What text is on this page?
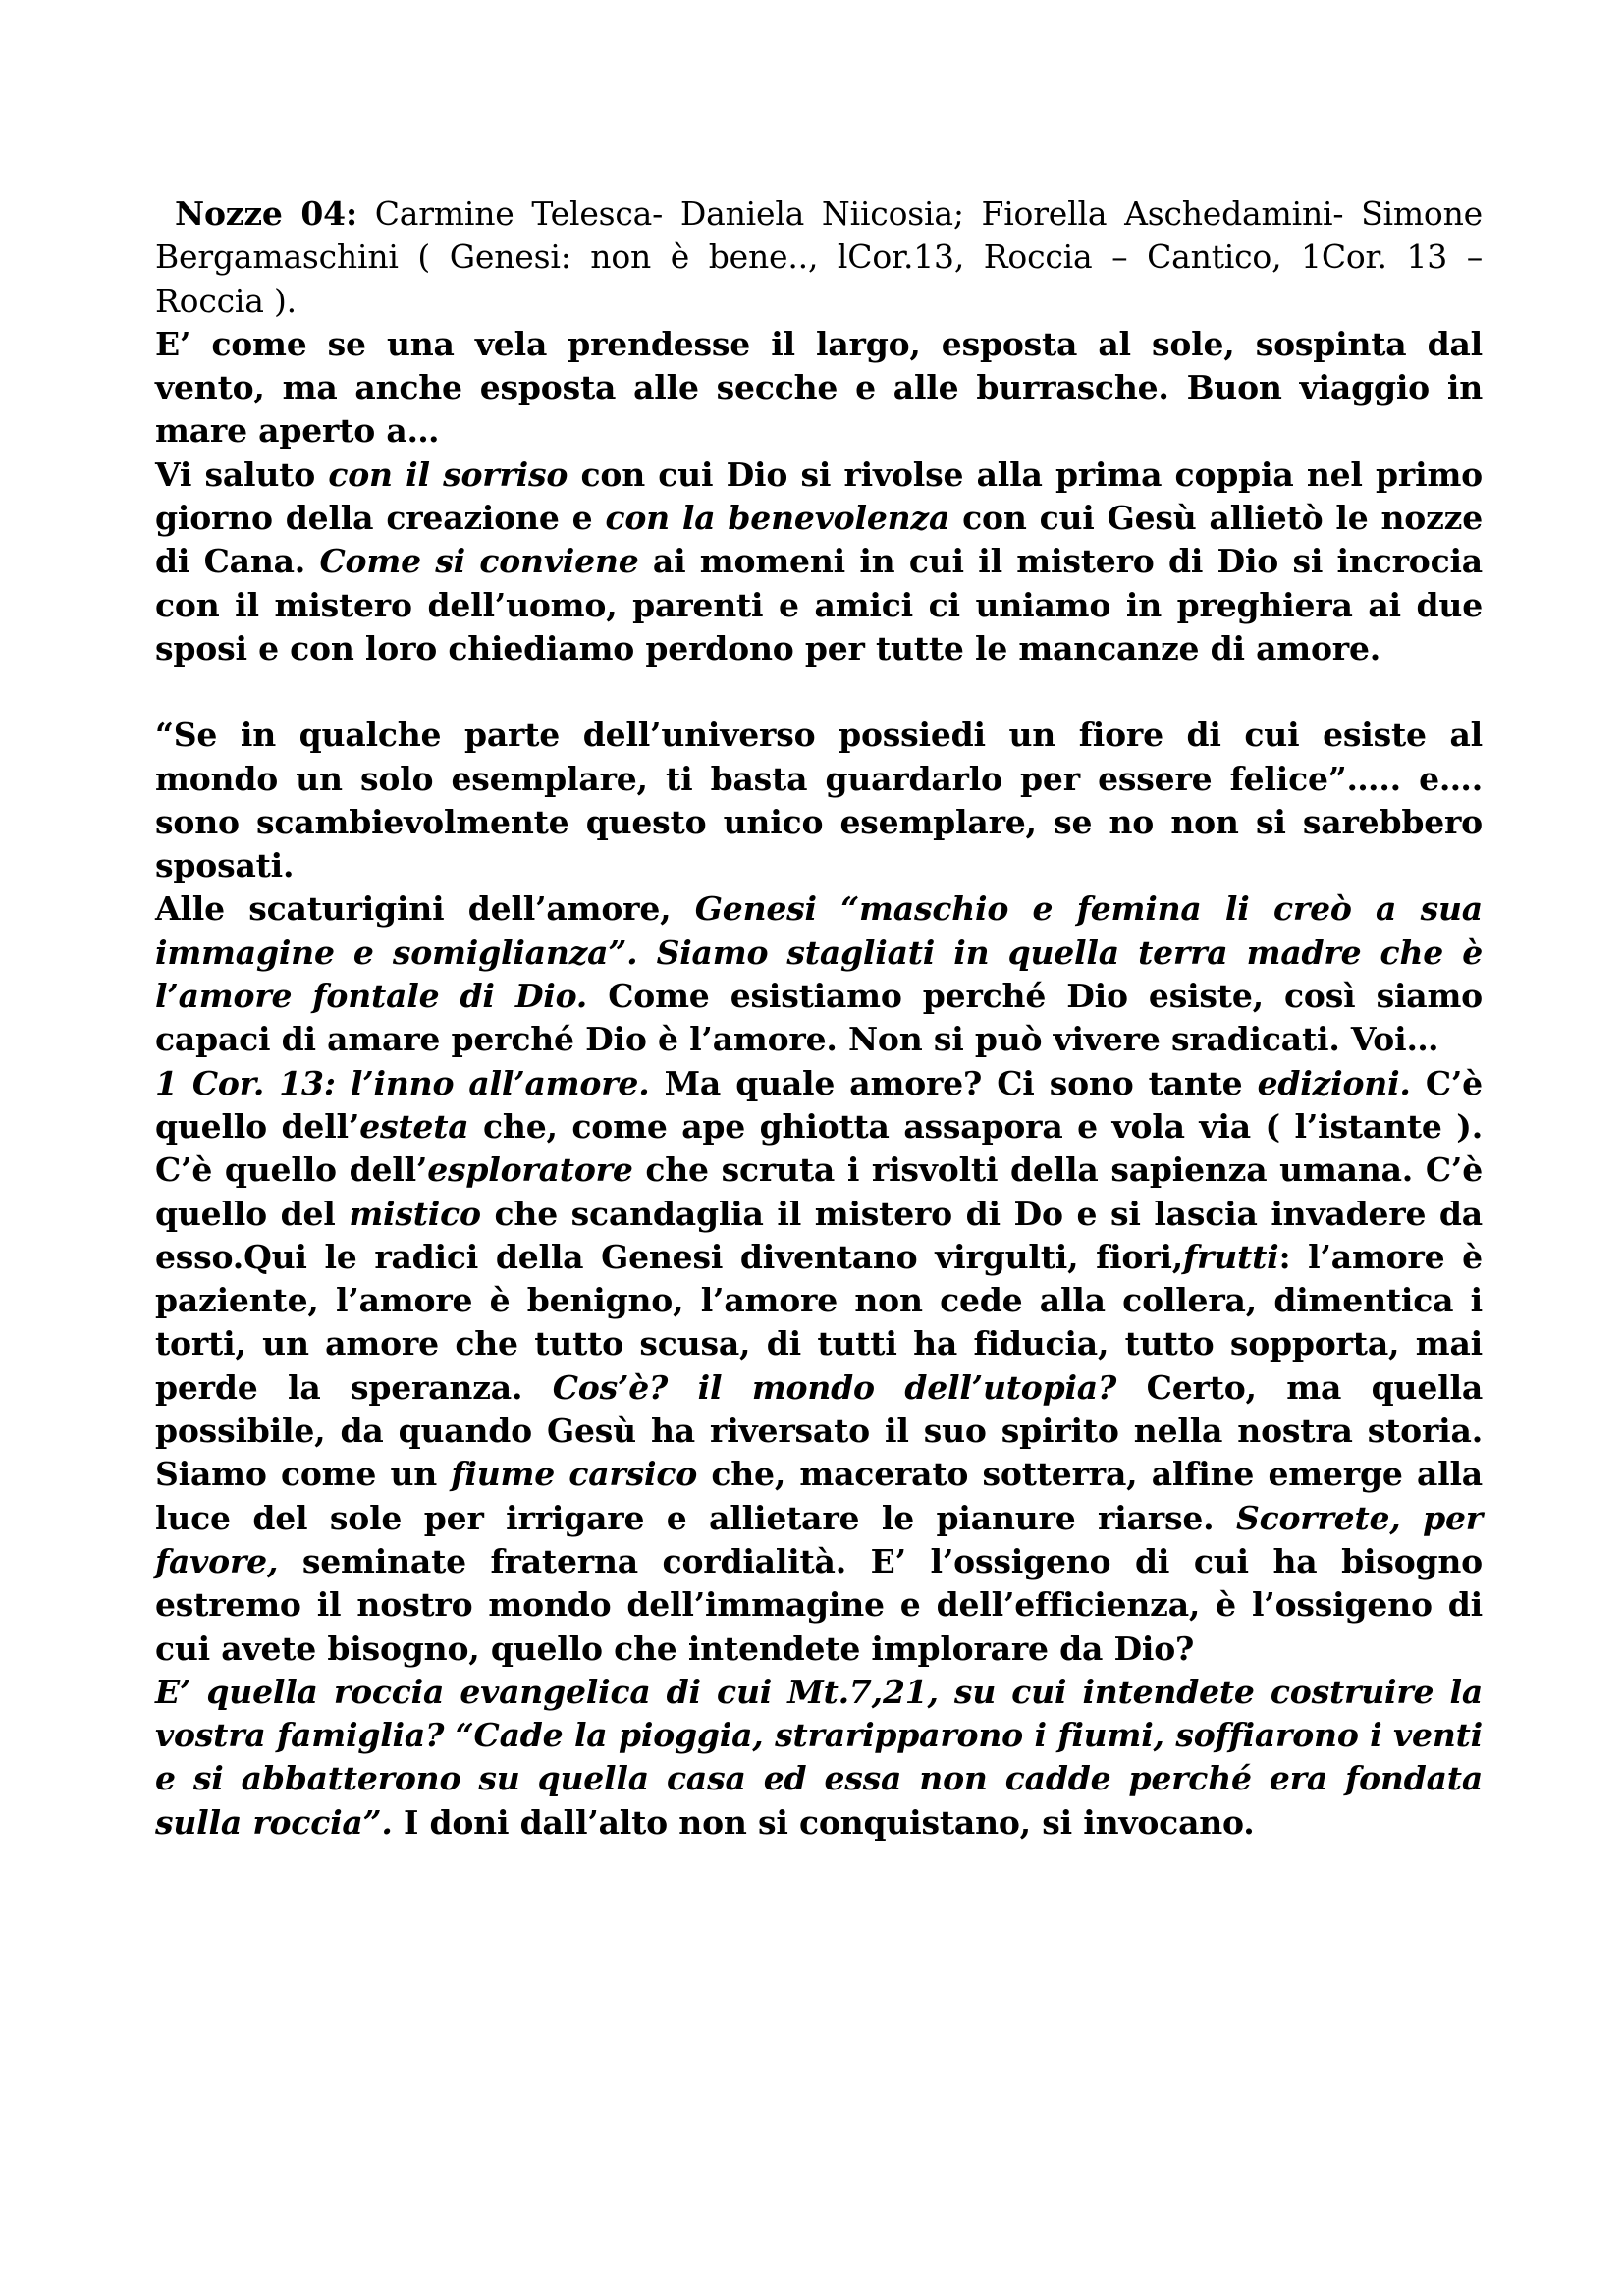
Nozze 04: Carmine Telesca- Daniela Niicosia; Fiorella Aschedamini- Simone Bergamaschini ( Genesi: non è bene.., lCor.13, Roccia – Cantico, 1Cor. 13 – Roccia ).

E’ come se una vela prendesse il largo, esposta al sole, sospinta dal vento, ma anche esposta alle secche e alle burrasche. Buon viaggio in mare aperto a…

Vi saluto con il sorriso con cui Dio si rivolse alla prima coppia nel primo giorno della creazione e con la benevolenza con cui Gesù allietò le nozze di Cana. Come si conviene ai momeni in cui il mistero di Dio si incrocia con il mistero dell’uomo, parenti e amici ci uniamo in preghiera ai due sposi e con loro chiediamo perdono per tutte le mancanze di amore.

“Se in qualche parte dell’universo possiedi un fiore di cui esiste al mondo un solo esemplare, ti basta guardarlo per essere felice”….. e…. sono scambievolmente questo unico esemplare, se no non si sarebbero sposati.

Alle scaturigini dell’amore, Genesi “maschio e femina li creò a sua immagine e somiglianza”. Siamo stagliati in quella terra madre che è l’amore fontale di Dio. Come esistiamo perché Dio esiste, così siamo capaci di amare perché Dio è l’amore. Non si può vivere sradicati. Voi…

1 Cor. 13: l’inno all’amore. Ma quale amore? Ci sono tante edizioni. C’è quello dell’esteta che, come ape ghiotta assapora e vola via ( l’istante ). C’è quello dell’esploratore che scruta i risvolti della sapienza umana. C’è quello del mistico che scandaglia il mistero di Do e si lascia invadere da esso.Qui le radici della Genesi diventano virgulti, fiori,frutti: l’amore è paziente, l’amore è benigno, l’amore non cede alla collera, dimentica i torti, un amore che tutto scusa, di tutti ha fiducia, tutto sopporta, mai perde la speranza. Cos’è? il mondo dell’utopia? Certo, ma quella possibile, da quando Gesù ha riversato il suo spirito nella nostra storia. Siamo come un fiume carsico che, macerato sotterra, alfine emerge alla luce del sole per irrigare e allietare le pianure riarse. Scorrete, per favore, seminate fraterna cordialità. E’ l’ossigeno di cui ha bisogno estremo il nostro mondo dell’immagine e dell’efficienza, è l’ossigeno di cui avete bisogno, quello che intendete implorare da Dio?

E’ quella roccia evangelica di cui Mt.7,21, su cui intendete costruire la vostra famiglia? “Cade la pioggia, straripparono i fiumi, soffiarono i venti e si abbatterono su quella casa ed essa non cadde perché era fondata sulla roccia”. I doni dall’alto non si conquistano, si invocano.
